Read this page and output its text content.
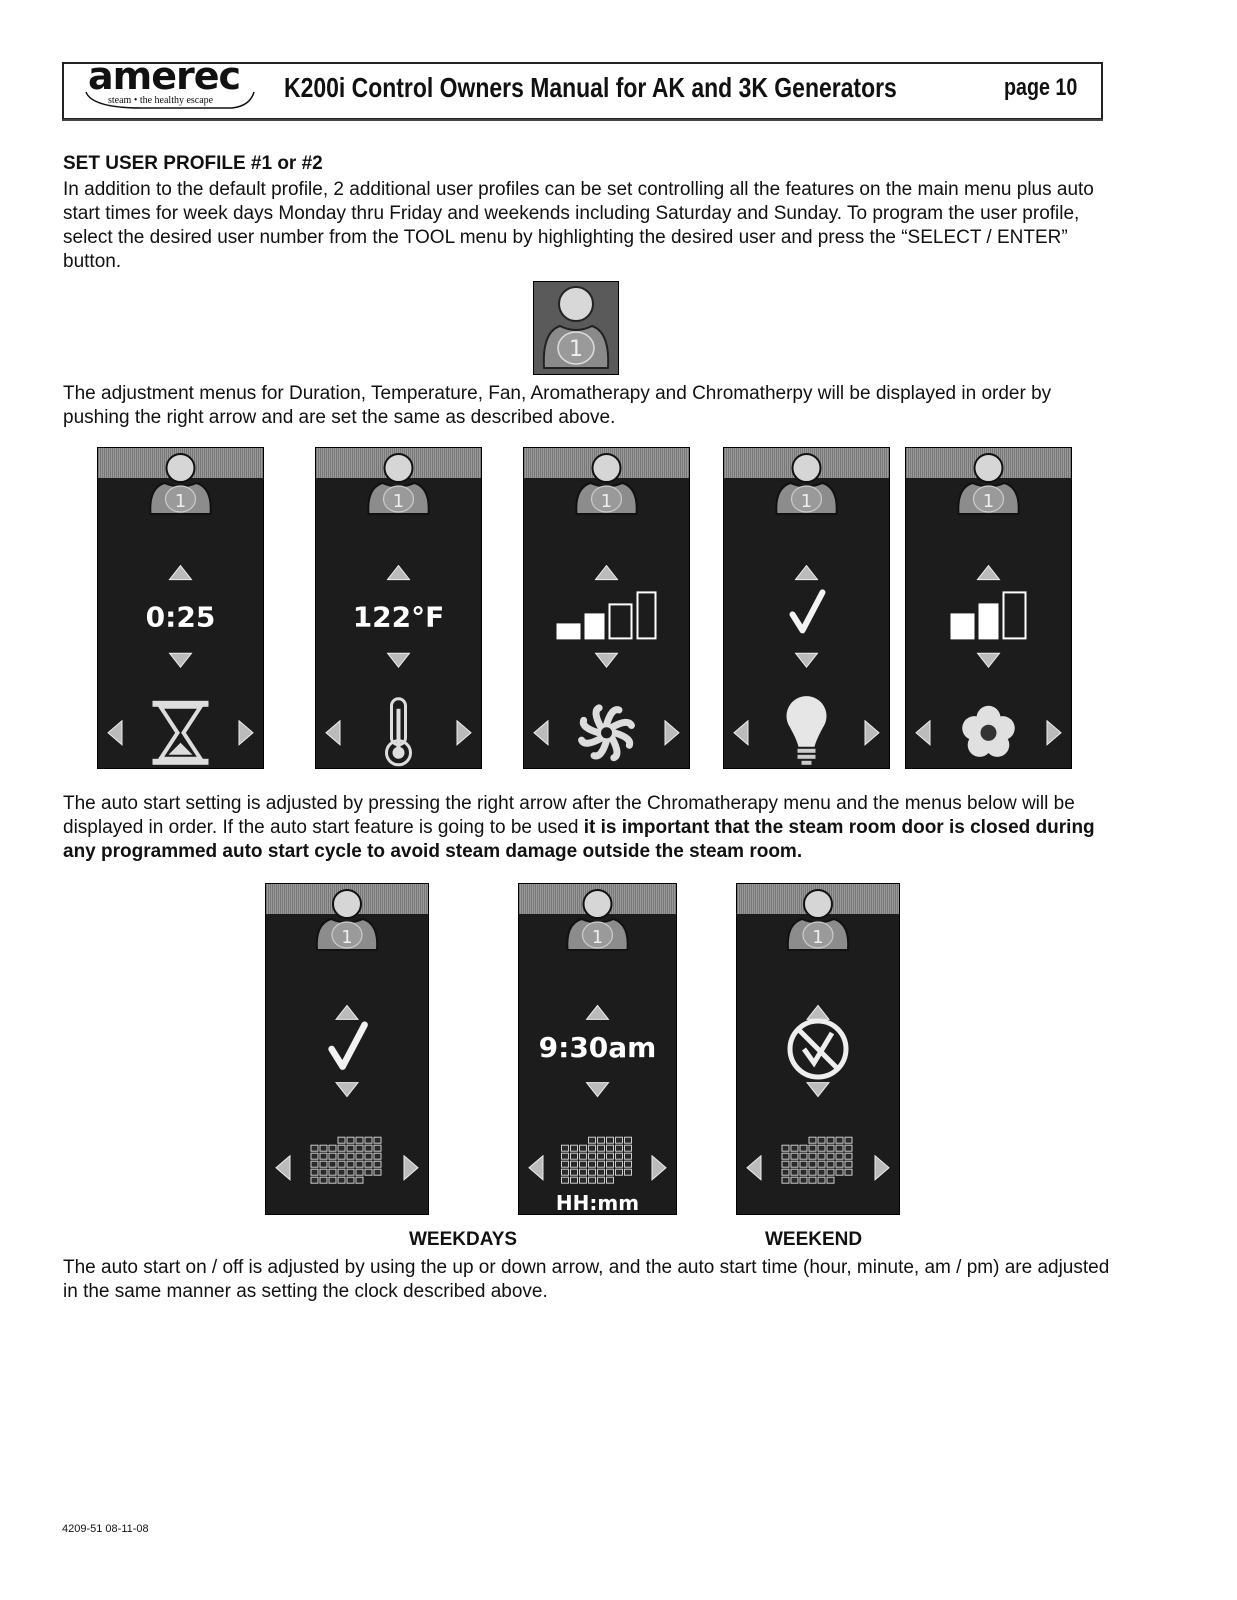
amerec
steam • the healthy escape	K200i Control Owners Manual for AK and 3K Generators	page 10
SET USER PROFILE #1 or #2
In addition to the default profile, 2 additional user profiles can be set controlling all the features on the main menu plus auto start times for week days Monday thru Friday and weekends including Saturday and Sunday. To program the user profile, select the desired user number from the TOOL menu by highlighting the desired user and press the “SELECT / ENTER” button.
1
The adjustment menus for Duration, Temperature, Fan, Aromatherapy and Chromatherpy will be displayed in order by pushing the right arrow and are set the same as described above.
The auto start setting is adjusted by pressing the right arrow after the Chromatherapy menu and the menus below will be displayed in order. If the auto start feature is going to be used it is important that the steam room door is closed during any programmed auto start cycle to avoid steam damage outside the steam room.
WEEKDAYS	WEEKEND
The auto start on / off is adjusted by using the up or down arrow, and the auto start time (hour, minute, am / pm) are adjusted in the same manner as setting the clock described above.
4209-51 08-11-08
1
0:25
1
122°F
1	1	1
1	1
9:30am
HH:mm
1
